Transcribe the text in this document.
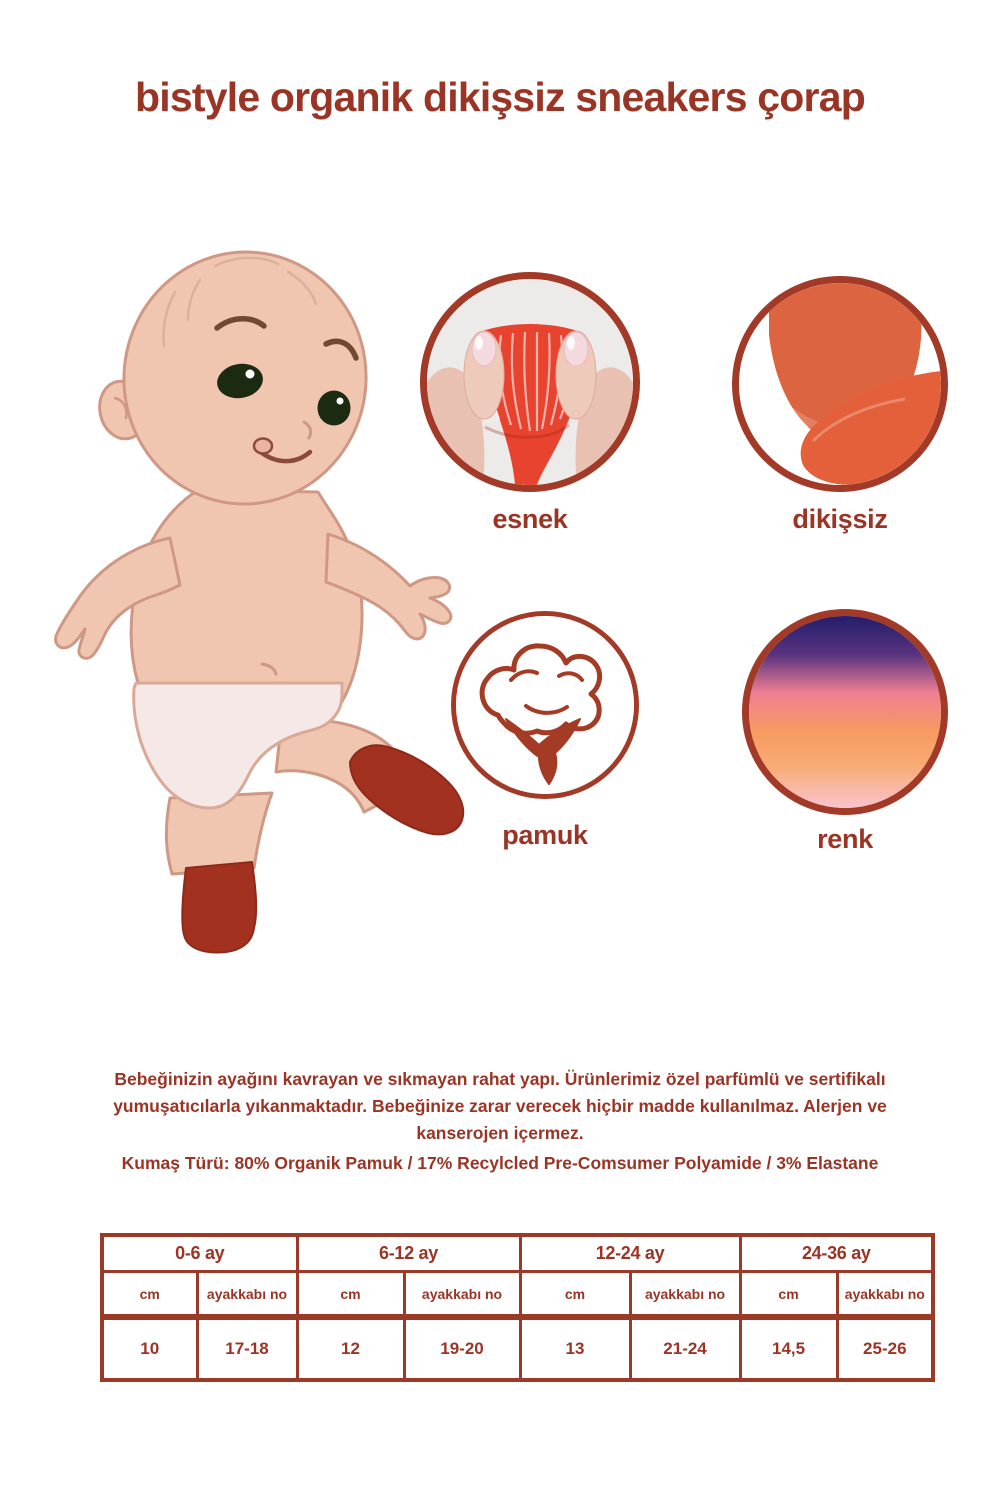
bistyle organik dikişsiz sneakers çorap
esnek	dikişsiz
pamuk	renk
Bebeğinizin ayağını kavrayan ve sıkmayan rahat yapı. Ürünlerimiz özel parfümlü ve sertifikalı
yumuşatıcılarla yıkanmaktadır. Bebeğinize zarar verecek hiçbir madde kullanılmaz. Alerjen ve
kanserojen içermez.
Kumaş Türü: 80% Organik Pamuk / 17% Recylcled Pre-Comsumer Polyamide / 3% Elastane
0-6 ay		6-12 ay		12-24 ay		24-36 ay	
cm	ayakkabı no	cm	ayakkabı no	cm	ayakkabı no	cm	ayakkabı no
10	17-18	12	19-20	13	21-24	14,5	25-26
